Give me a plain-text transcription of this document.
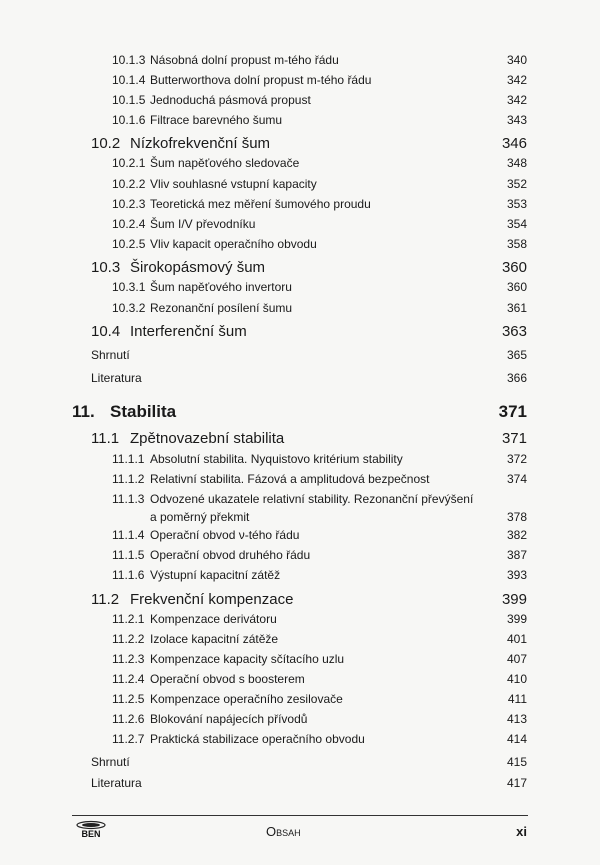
10.1.3 Násobná dolní propust m-tého řádu	340
10.1.4 Butterworthova dolní propust m-tého řádu	342
10.1.5 Jednoduchá pásmová propust	342
10.1.6 Filtrace barevného šumu	343
10.2 Nízkofrekvenční šum	346
10.2.1 Šum napěťového sledovače	348
10.2.2 Vliv souhlasné vstupní kapacity	352
10.2.3 Teoretická mez měření šumového proudu	353
10.2.4 Šum I/V převodníku	354
10.2.5 Vliv kapacit operačního obvodu	358
10.3 Širokopásmový šum	360
10.3.1 Šum napěťového invertoru	360
10.3.2 Rezonanční posílení šumu	361
10.4 Interferenční šum	363
Shrnutí	365
Literatura	366
11. Stabilita	371
11.1 Zpětnovazební stabilita	371
11.1.1 Absolutní stabilita. Nyquistovo kritérium stability	372
11.1.2 Relativní stabilita. Fázová a amplitudová bezpečnost	374
11.1.3 Odvozené ukazatele relativní stability. Rezonanční převýšení
a poměrný překmit	378
11.1.4 Operační obvod ν-tého řádu	382
11.1.5 Operační obvod druhého řádu	387
11.1.6 Výstupní kapacitní zátěž	393
11.2 Frekvenční kompenzace	399
11.2.1 Kompenzace derivátoru	399
11.2.2 Izolace kapacitní zátěže	401
11.2.3 Kompenzace kapacity sčítacího uzlu	407
11.2.4 Operační obvod s boosterem	410
11.2.5 Kompenzace operačního zesilovače	411
11.2.6 Blokování napájecích přívodů	413
11.2.7 Praktická stabilizace operačního obvodu	414
Shrnutí	415
Literatura	417
BEN	Obsah	xi
